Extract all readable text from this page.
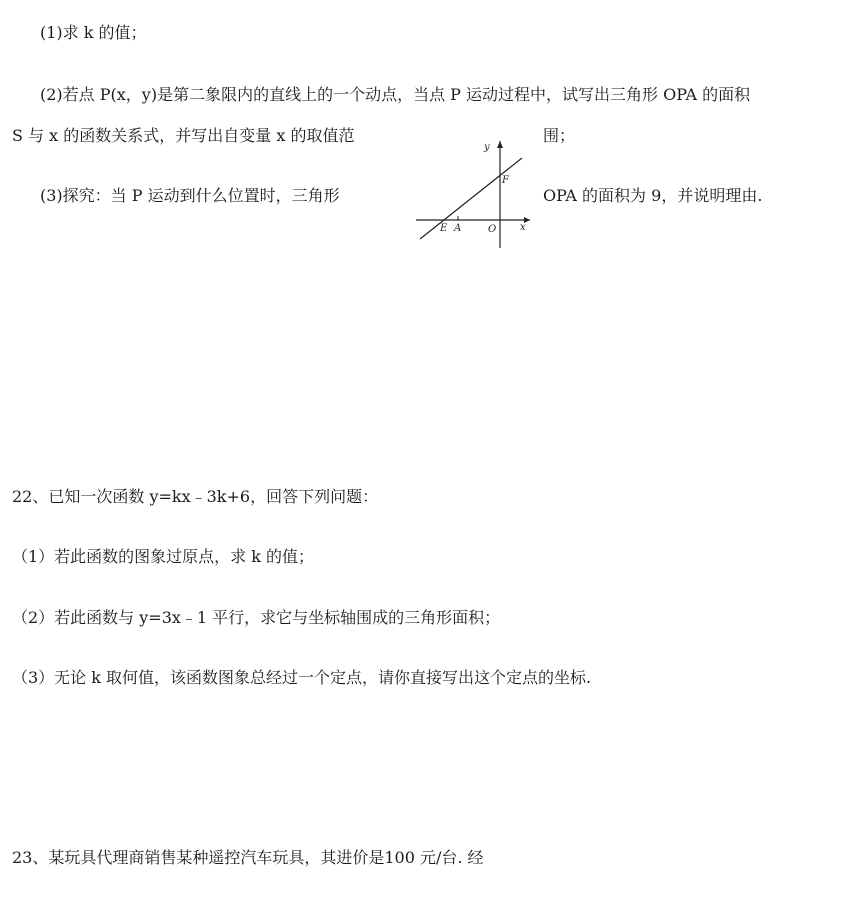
(1)求 k 的值；
(2)若点 P(x，y)是第二象限内的直线上的一个动点，当点 P 运动过程中，试写出三角形 OPA 的面积
S 与 x 的函数关系式，并写出自变量 x 的取值范	围；
(3)探究：当 P 运动到什么位置时，三角形	OPA 的面积为 9，并说明理由.
y
F
E A	O x
22、已知一次函数 y=kx﹣3k+6，回答下列问题：
（1）若此函数的图象过原点，求 k 的值；
（2）若此函数与 y=3x﹣1 平行，求它与坐标轴围成的三角形面积；
（3）无论 k 取何值，该函数图象总经过一个定点，请你直接写出这个定点的坐标.
23、某玩具代理商销售某种遥控汽车玩具，其进价是100 元/台. 经
